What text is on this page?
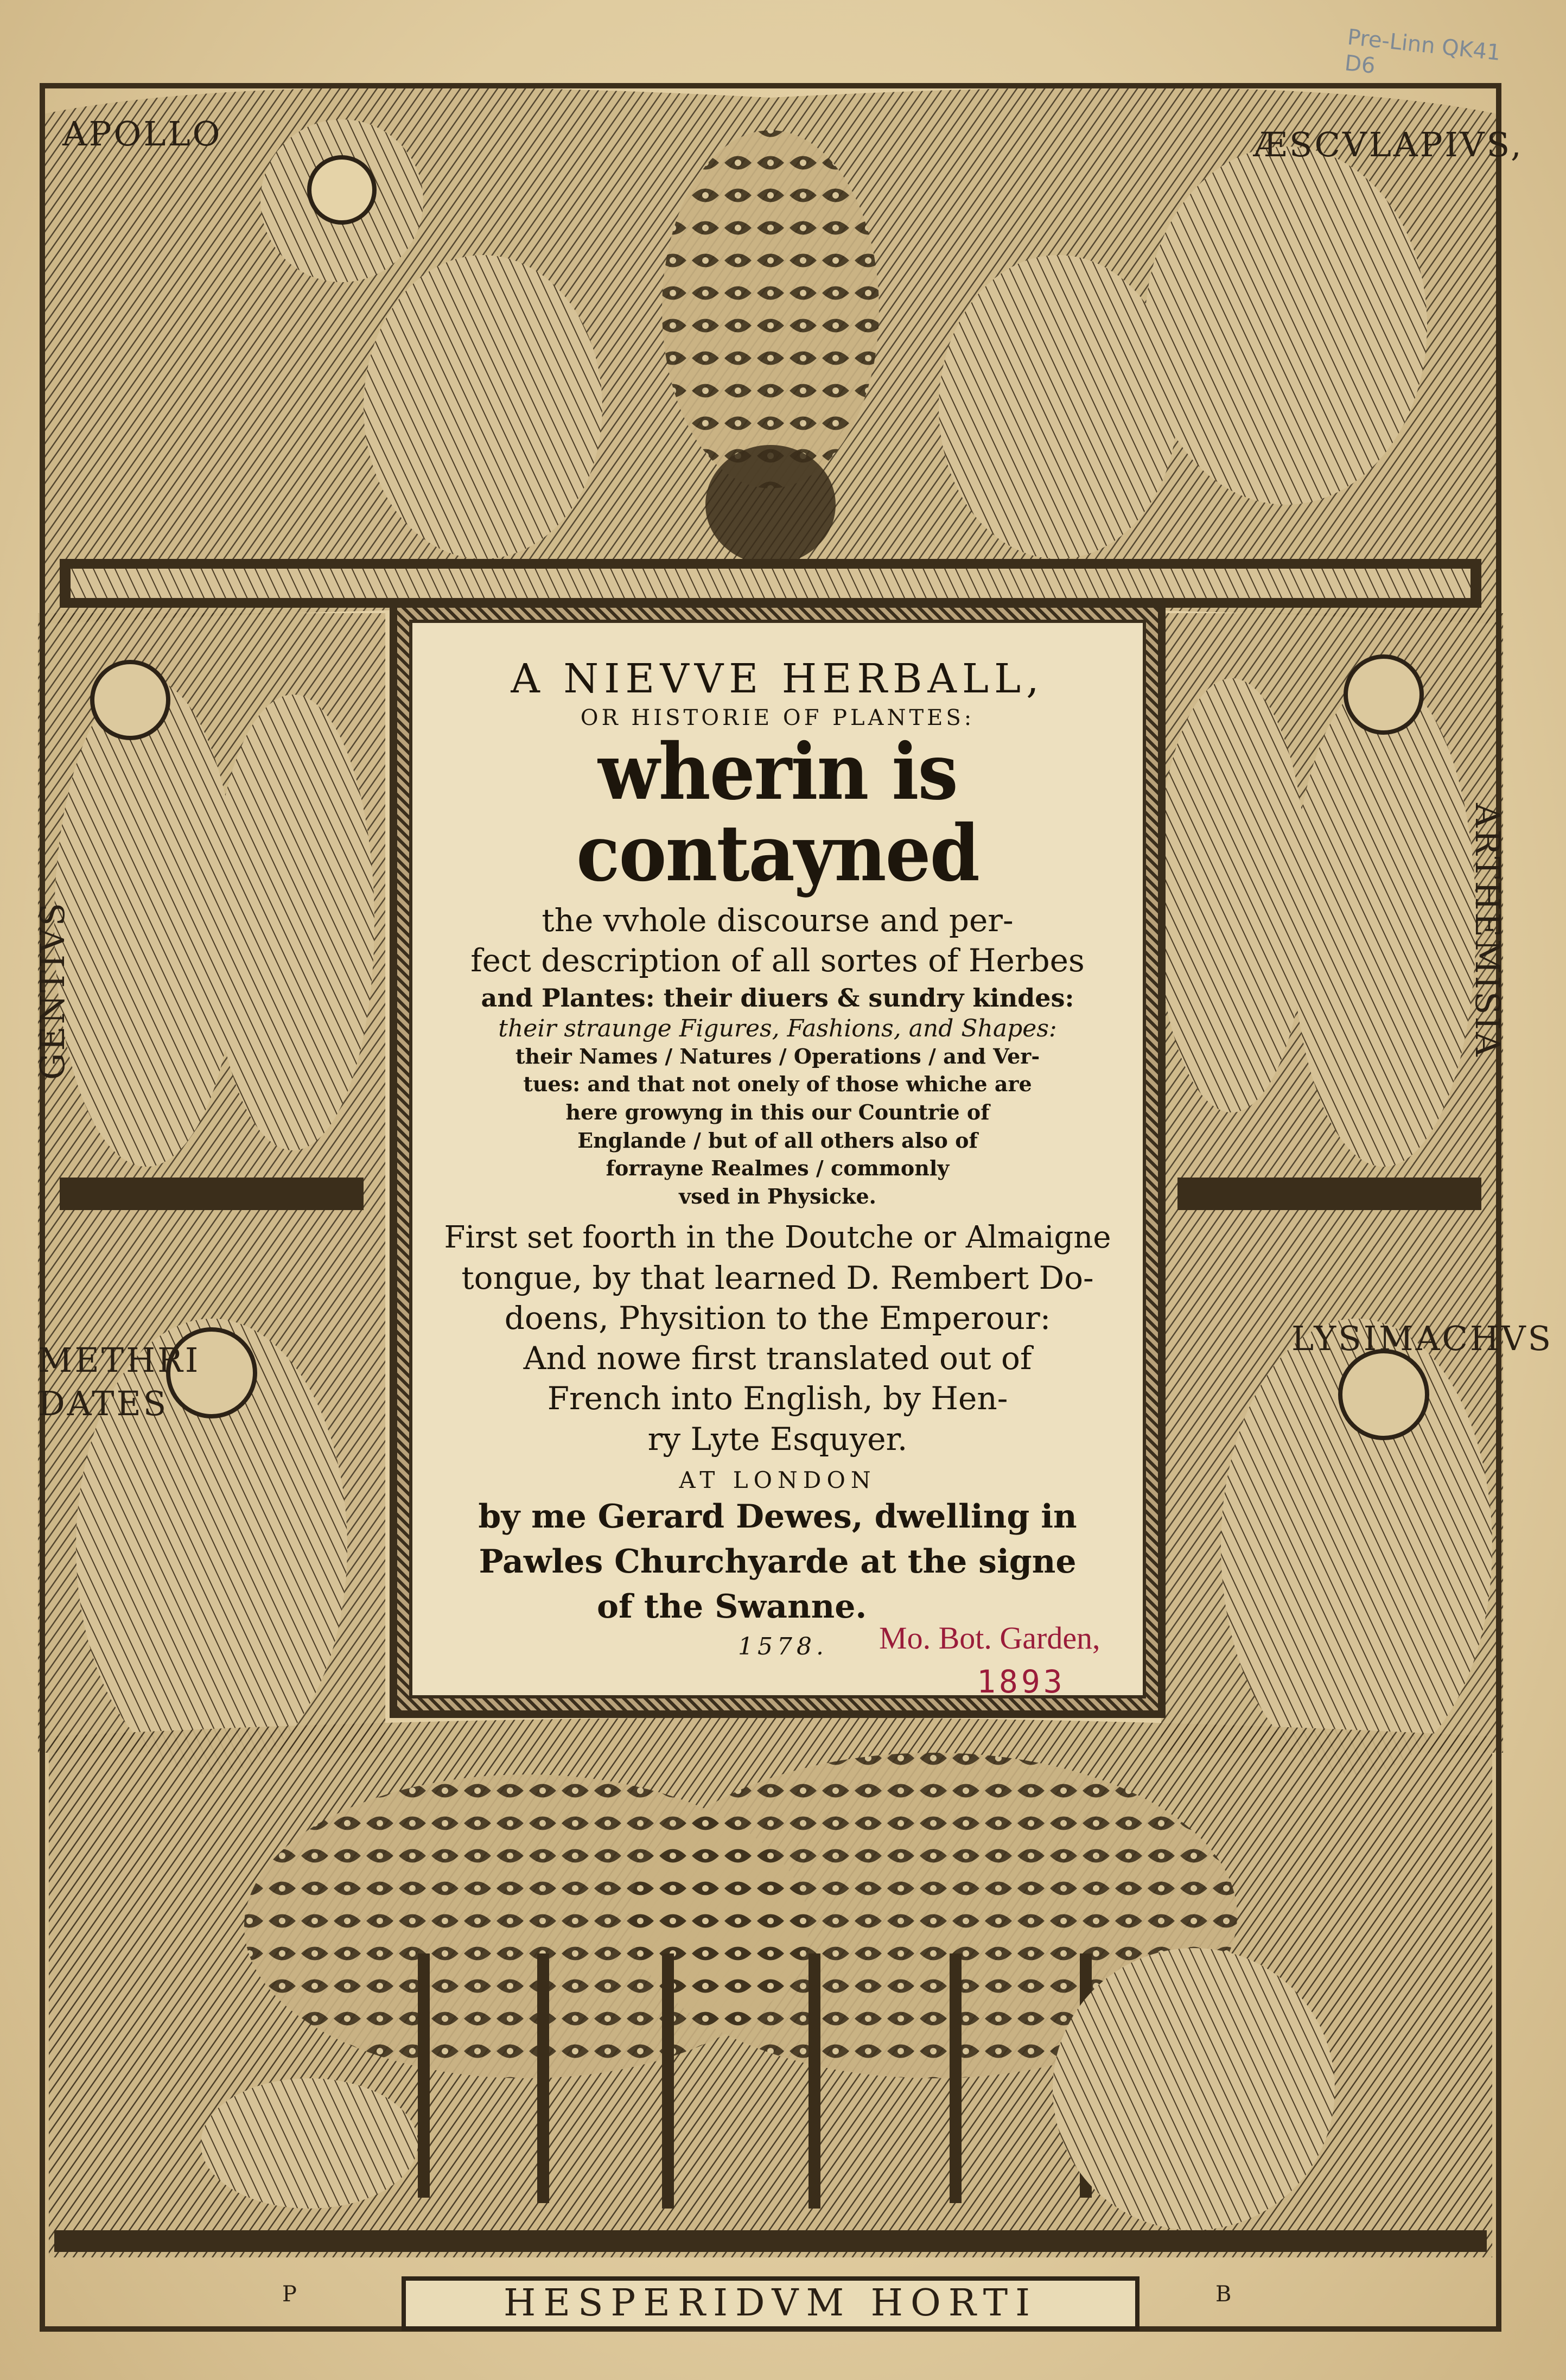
APOLLO	ÆSCVLAPIVS,
GENTIVS	ARTHEMISIA
METHRI
DATES
LYSIMACHVS

A NIEVVE HERBALL,

OR HISTORIE OF PLANTES:

wherin is contayned

the vvhole discourse and per-

fect description of all sortes of Herbes

and Plantes: their diuers & sundry kindes:

their straunge Figures, Fashions, and Shapes:

their Names / Natures / Operations / and Ver-

tues: and that not onely of those whiche are

here growyng in this our Countrie of

Englande / but of all others also of

forrayne Realmes / commonly

vsed in Physicke.

First set foorth in the Doutche or Almaigne

tongue, by that learned D. Rembert Do-

doens, Physition to the Emperour:

And nowe first translated out of

French into English, by Hen-

ry Lyte Esquyer.

AT LONDON

by me Gerard Dewes, dwelling in

Pawles Churchyarde at the signe

of the Swanne.

1578.	Mo. Bot. Garden,
1893
Pre-Linn QK41 D6
HESPERIDVM HORTI
P	B
